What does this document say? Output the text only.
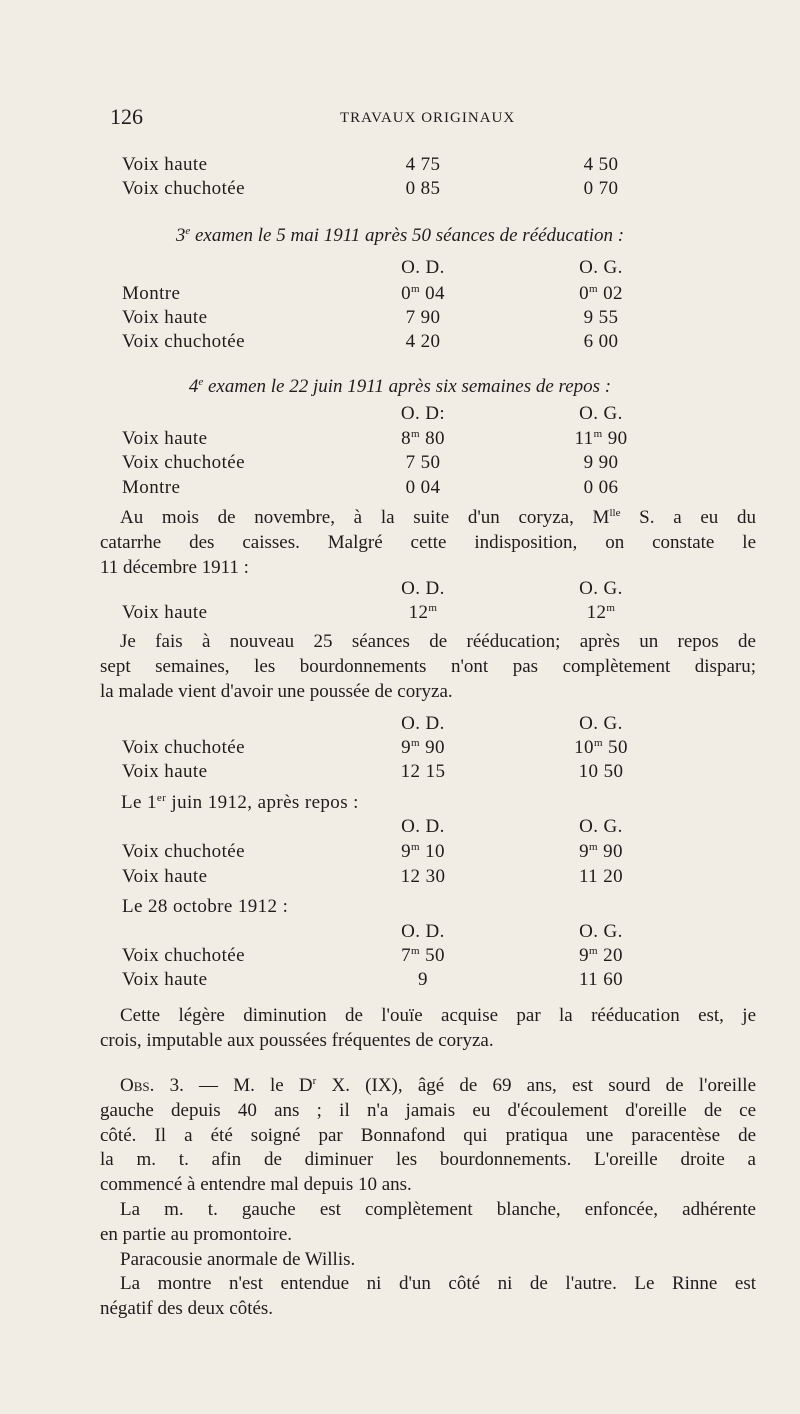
126	TRAVAUX ORIGINAUX
Voix haute	4 75	4 50
Voix chuchotée	0 85	0 70
3e examen le 5 mai 1911 après 50 séances de rééducation :
O. D.	O. G.
Montre	0$^m$ 04	0$^m$ 02
Voix haute	7 90	9 55
Voix chuchotée	4 20	6 00
4e examen le 22 juin 1911 après six semaines de repos :
O. D:	O. G.
Voix haute	8$^m$ 80	11$^m$ 90
Voix chuchotée	7 50	9 90
Montre	0 04	0 06
Au mois de novembre, à la suite d'un coryza, $M^{lle}$ S. a eu du
catarrhe des caisses. Malgré cette indisposition, on constate le
11 décembre 1911 :
O. D.	O. G.
Voix haute	12$^m$	12$^m$
Je fais à nouveau 25 séances de rééducation; après un repos de
sept semaines, les bourdonnements n'ont pas complètement disparu;
la malade vient d'avoir une poussée de coryza.
O. D.	O. G.
Voix chuchotée	9$^m$ 90	10$^m$ 50
Voix haute	12 15	10 50
Le 1er juin 1912, après repos :
O. D.	O. G.
Voix chuchotée	9$^m$ 10	9$^m$ 90
Voix haute	12 30	11 20
Le 28 octobre 1912 :
O. D.	O. G.
Voix chuchotée	7$^m$ 50	9$^m$ 20
Voix haute	9	11 60
Cette légère diminution de l'ouïe acquise par la rééducation est, je
crois, imputable aux poussées fréquentes de coryza.
Obs. 3. — M. le $D^r$ X. (IX), âgé de 69 ans, est sourd de l'oreille
gauche depuis 40 ans ; il n'a jamais eu d'écoulement d'oreille de ce
côté. Il a été soigné par Bonnafond qui pratiqua une paracentèse de
la m. t. afin de diminuer les bourdonnements. L'oreille droite a
commencé à entendre mal depuis 10 ans.
La m. t. gauche est complètement blanche, enfoncée, adhérente
en partie au promontoire.
Paracousie anormale de Willis.
La montre n'est entendue ni d'un côté ni de l'autre. Le Rinne est
négatif des deux côtés.
